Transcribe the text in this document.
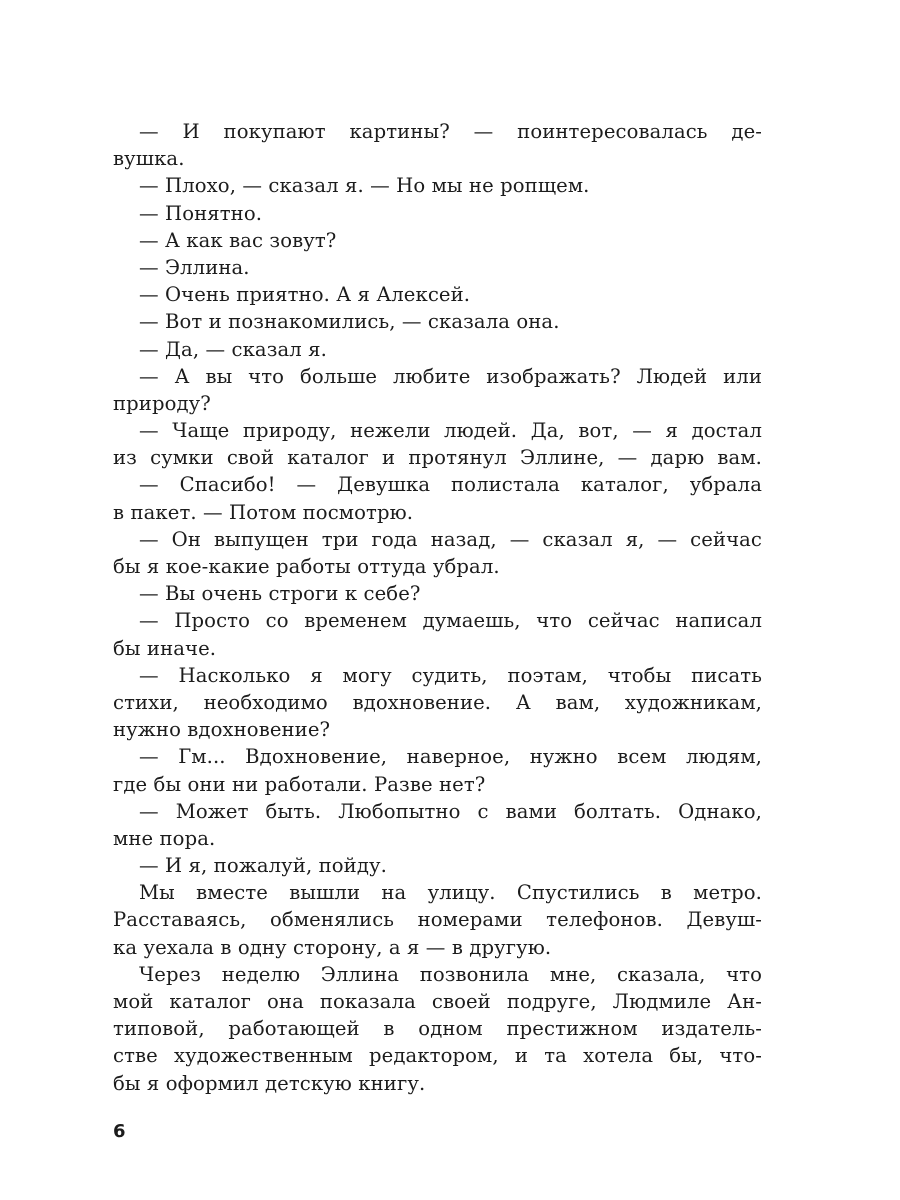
— И покупают картины? — поинтересовалась де-
вушка.
— Плохо, — сказал я. — Но мы не ропщем.
— Понятно.
— А как вас зовут?
— Эллина.
— Очень приятно. А я Алексей.
— Вот и познакомились, — сказала она.
— Да, — сказал я.
— А вы что больше любите изображать? Людей или
природу?
— Чаще природу, нежели людей. Да, вот, — я достал
из сумки свой каталог и протянул Эллине, — дарю вам.
— Спасибо! — Девушка полистала каталог, убрала
в пакет. — Потом посмотрю.
— Он выпущен три года назад, — сказал я, — сейчас
бы я кое-какие работы оттуда убрал.
— Вы очень строги к себе?
— Просто со временем думаешь, что сейчас написал
бы иначе.
— Насколько я могу судить, поэтам, чтобы писать
стихи, необходимо вдохновение. А вам, художникам,
нужно вдохновение?
— Гм... Вдохновение, наверное, нужно всем людям,
где бы они ни работали. Разве нет?
— Может быть. Любопытно с вами болтать. Однако,
мне пора.
— И я, пожалуй, пойду.
Мы вместе вышли на улицу. Спустились в метро.
Расставаясь, обменялись номерами телефонов. Девуш-
ка уехала в одну сторону, а я — в другую.
Через неделю Эллина позвонила мне, сказала, что
мой каталог она показала своей подруге, Людмиле Ан-
типовой, работающей в одном престижном издатель-
стве художественным редактором, и та хотела бы, что-
бы я оформил детскую книгу.
6
